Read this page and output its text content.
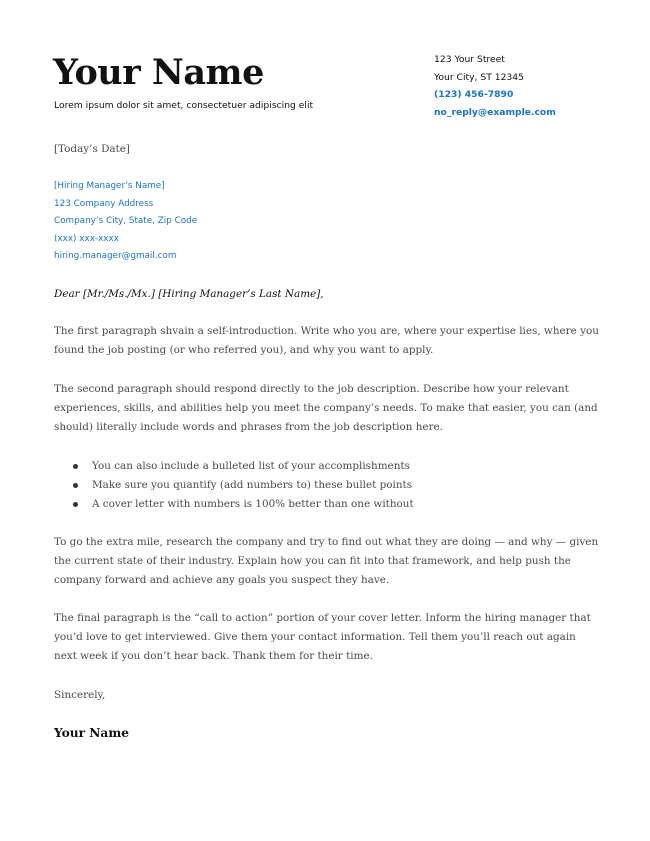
Your Name
Lorem ipsum dolor sit amet, consectetuer adipiscing elit
123 Your Street
Your City, ST 12345
(123) 456-7890
no_reply@example.com
[Today’s Date]
[Hiring Manager’s Name]
123 Company Address
Company’s City, State, Zip Code
(xxx) xxx-xxxx
hiring.manager@gmail.com
Dear [Mr./Ms./Mx.] [Hiring Manager’s Last Name],

The first paragraph shvain a self-introduction. Write who you are, where your expertise lies, where you found the job posting (or who referred you), and why you want to apply.

The second paragraph should respond directly to the job description. Describe how your relevant experiences, skills, and abilities help you meet the company’s needs. To make that easier, you can (and should) literally include words and phrases from the job description here.

You can also include a bulleted list of your accomplishments
Make sure you quantify (add numbers to) these bullet points
A cover letter with numbers is 100% better than one without

To go the extra mile, research the company and try to find out what they are doing — and why — given the current state of their industry. Explain how you can fit into that framework, and help push the company forward and achieve any goals you suspect they have.

The final paragraph is the “call to action” portion of your cover letter. Inform the hiring manager that you’d love to get interviewed. Give them your contact information. Tell them you’ll reach out again next week if you don’t hear back. Thank them for their time.

Sincerely,
Your Name
